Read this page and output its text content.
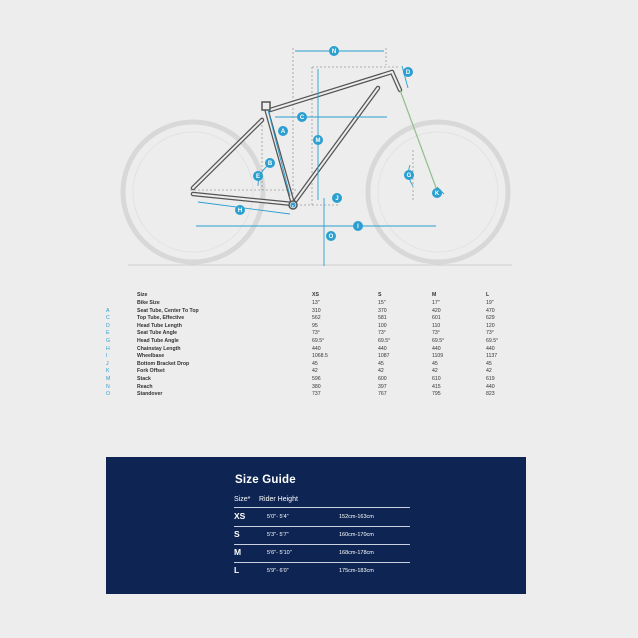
N
D
C
A
M
E
B
G
K
H
J
F
I
O
Size	XS	S	M	L
Bike Size	13"	15"	17"	19"
A	Seat Tube, Center To Top	310	370	420	470
C	Top Tube, Effective	562	581	601	629
D	Head Tube Length	95	100	110	120
E	Seat Tube Angle	73°	73°	73°	73°
G	Head Tube Angle	69.5°	69.5°	69.5°	69.5°
H	Chainstay Length	440	440	440	440
I	Wheelbase	1068.5	1087	1109	1137
J	Bottom Bracket Drop	45	45	45	45
K	Fork Offset	42	42	42	42
M	Stack	596	600	610	619
N	Reach	380	397	415	440
O	Standover	737	767	795	823
Size Guide
Size* Rider Height
XS	5'0"- 5'4"	152cm-163cm
S	5'3"- 5'7"	160cm-170cm
M	5'6"- 5'10"	168cm-178cm
L	5'9"- 6'0"	175cm-183cm
